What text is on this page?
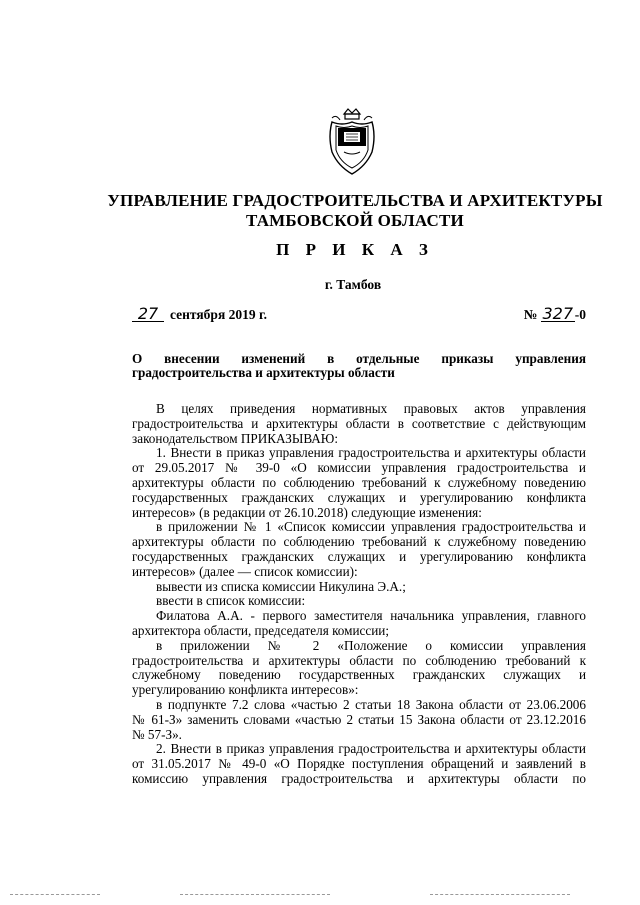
УПРАВЛЕНИЕ ГРАДОСТРОИТЕЛЬСТВА И АРХИТЕКТУРЫ
ТАМБОВСКОЙ ОБЛАСТИ
П Р И К А З
г. Тамбов
27 сентября 2019 г.	№ 327 -0
О внесении изменений в отдельные приказы управления
градостроительства и архитектуры области
В целях приведения нормативных правовых актов управления
градостроительства и архитектуры области в соответствие с действующим
законодательством ПРИКАЗЫВАЮ:
1. Внести в приказ управления градостроительства и архитектуры области
от 29.05.2017 № 39-0 «О комиссии управления градостроительства и
архитектуры области по соблюдению требований к служебному поведению
государственных гражданских служащих и урегулированию конфликта
интересов» (в редакции от 26.10.2018) следующие изменения:
в приложении № 1 «Список комиссии управления градостроительства и
архитектуры области по соблюдению требований к служебному поведению
государственных гражданских служащих и урегулированию конфликта
интересов» (далее — список комиссии):
вывести из списка комиссии Никулина Э.А.;
ввести в список комиссии:
Филатова А.А. - первого заместителя начальника управления, главного
архитектора области, председателя комиссии;
в приложении № 2 «Положение о комиссии управления
градостроительства и архитектуры области по соблюдению требований к
служебному поведению государственных гражданских служащих и
урегулированию конфликта интересов»:
в подпункте 7.2 слова «частью 2 статьи 18 Закона области от 23.06.2006
№ 61-З» заменить словами «частью 2 статьи 15 Закона области от 23.12.2016
№ 57-З».
2. Внести в приказ управления градостроительства и архитектуры области
от 31.05.2017 № 49-0 «О Порядке поступления обращений и заявлений в
комиссию управления градостроительства и архитектуры области по
